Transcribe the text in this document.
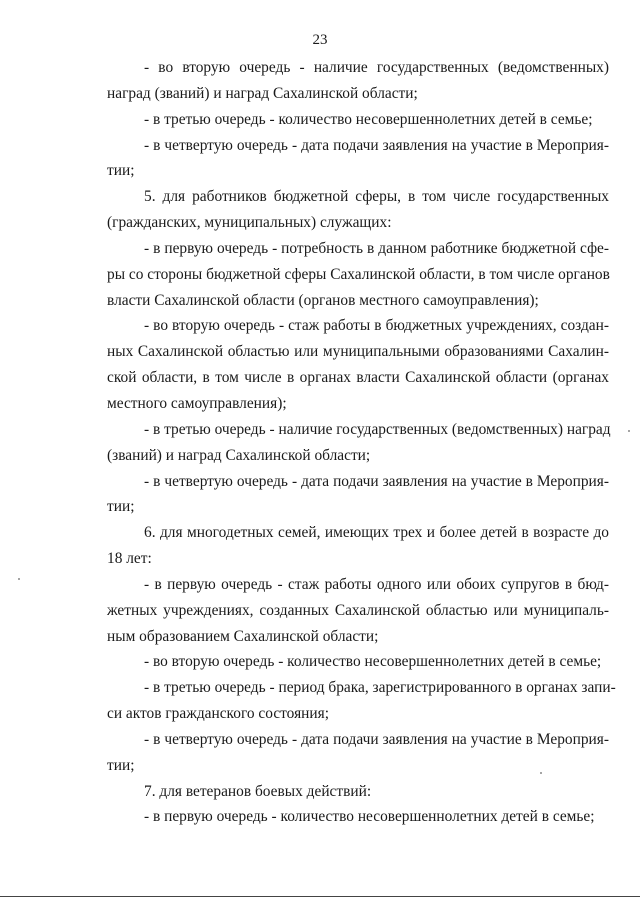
23
- во вторую очередь - наличие государственных (ведомственных)
наград (званий) и наград Сахалинской области;
- в третью очередь - количество несовершеннолетних детей в семье;
- в четвертую очередь - дата подачи заявления на участие в Мероприя-
тии;
5. для работников бюджетной сферы, в том числе государственных
(гражданских, муниципальных) служащих:
- в первую очередь - потребность в данном работнике бюджетной сфе-
ры со стороны бюджетной сферы Сахалинской области, в том числе органов
власти Сахалинской области (органов местного самоуправления);
- во вторую очередь - стаж работы в бюджетных учреждениях, создан-
ных Сахалинской областью или муниципальными образованиями Сахалин-
ской области, в том числе в органах власти Сахалинской области (органах
местного самоуправления);
- в третью очередь - наличие государственных (ведомственных) наград
(званий) и наград Сахалинской области;
- в четвертую очередь - дата подачи заявления на участие в Мероприя-
тии;
6. для многодетных семей, имеющих трех и более детей в возрасте до
18 лет:
- в первую очередь - стаж работы одного или обоих супругов в бюд-
жетных учреждениях, созданных Сахалинской областью или муниципаль-
ным образованием Сахалинской области;
- во вторую очередь - количество несовершеннолетних детей в семье;
- в третью очередь - период брака, зарегистрированного в органах запи-
си актов гражданского состояния;
- в четвертую очередь - дата подачи заявления на участие в Мероприя-
тии;
7. для ветеранов боевых действий:
- в первую очередь - количество несовершеннолетних детей в семье;
